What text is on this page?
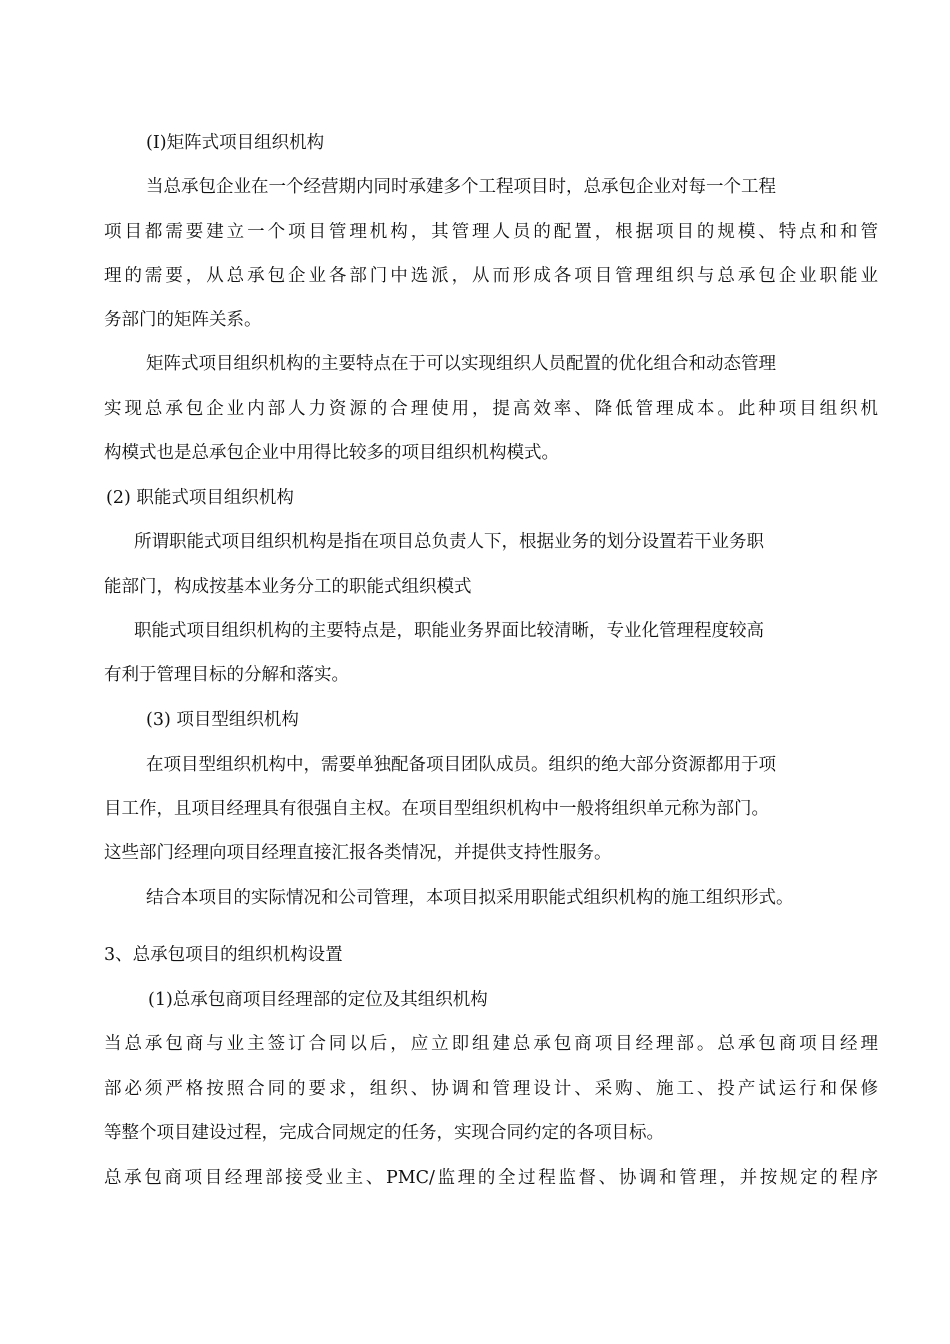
(I)矩阵式项目组织机构
当总承包企业在一个经营期内同时承建多个工程项目时，总承包企业对每一个工程
项目都需要建立一个项目管理机构，其管理人员的配置，根据项目的规模、特点和和管
理的需要，从总承包企业各部门中选派，从而形成各项目管理组织与总承包企业职能业
务部门的矩阵关系。
矩阵式项目组织机构的主要特点在于可以实现组织人员配置的优化组合和动态管理
实现总承包企业内部人力资源的合理使用，提高效率、降低管理成本。此种项目组织机
构模式也是总承包企业中用得比较多的项目组织机构模式。
(2) 职能式项目组织机构
所谓职能式项目组织机构是指在项目总负责人下，根据业务的划分设置若干业务职
能部门，构成按基本业务分工的职能式组织模式
职能式项目组织机构的主要特点是，职能业务界面比较清晰，专业化管理程度较高
有利于管理目标的分解和落实。
(3) 项目型组织机构
在项目型组织机构中，需要单独配备项目团队成员。组织的绝大部分资源都用于项
目工作，且项目经理具有很强自主权。在项目型组织机构中一般将组织单元称为部门。
这些部门经理向项目经理直接汇报各类情况，并提供支持性服务。
结合本项目的实际情况和公司管理，本项目拟采用职能式组织机构的施工组织形式。
3、总承包项目的组织机构设置
(1)总承包商项目经理部的定位及其组织机构
当总承包商与业主签订合同以后，应立即组建总承包商项目经理部。总承包商项目经理
部必须严格按照合同的要求，组织、协调和管理设计、采购、施工、投产试运行和保修
等整个项目建设过程，完成合同规定的任务，实现合同约定的各项目标。
总承包商项目经理部接受业主、PMC/监理的全过程监督、协调和管理，并按规定的程序
